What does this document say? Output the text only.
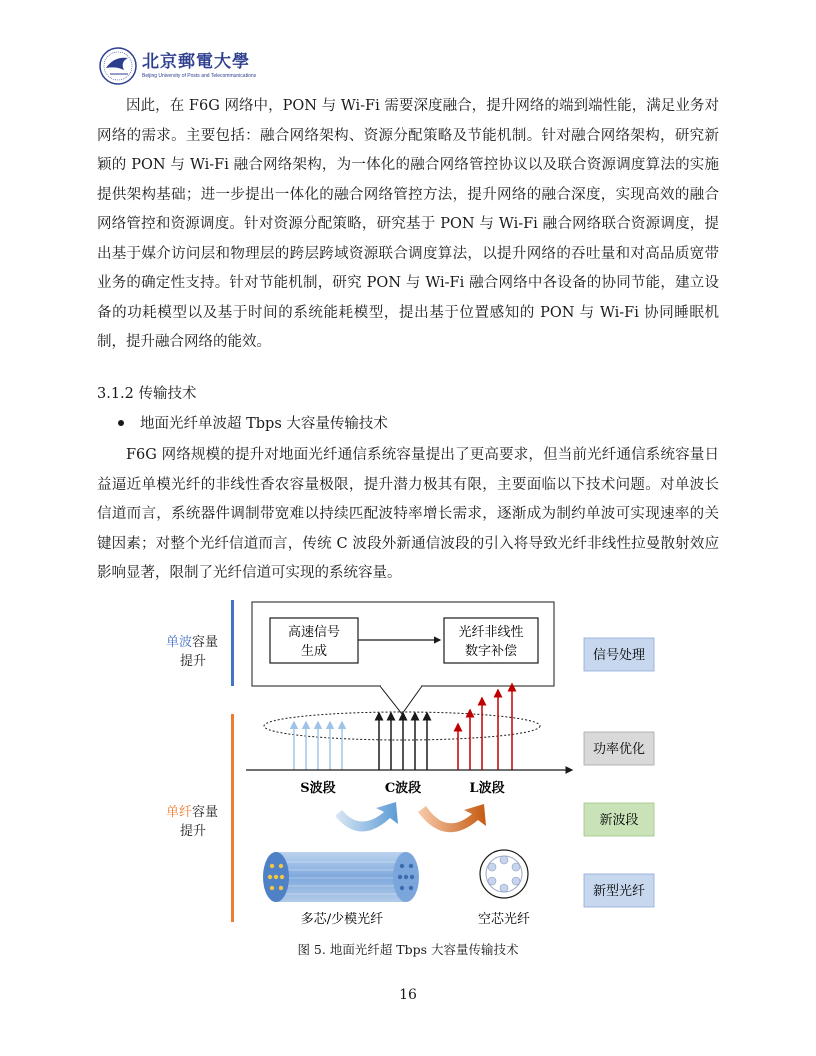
北京郵電大學
Beijing University of Posts and Telecommunications
因此，在 F6G 网络中，PON 与 Wi-Fi 需要深度融合，提升网络的端到端性能，满足业务对网络的需求。主要包括：融合网络架构、资源分配策略及节能机制。针对融合网络架构，研究新颖的 PON 与 Wi-Fi 融合网络架构，为一体化的融合网络管控协议以及联合资源调度算法的实施提供架构基础；进一步提出一体化的融合网络管控方法，提升网络的融合深度，实现高效的融合网络管控和资源调度。针对资源分配策略，研究基于 PON 与 Wi-Fi 融合网络联合资源调度，提出基于媒介访问层和物理层的跨层跨域资源联合调度算法，以提升网络的吞吐量和对高品质宽带业务的确定性支持。针对节能机制，研究 PON 与 Wi-Fi 融合网络中各设备的协同节能，建立设备的功耗模型以及基于时间的系统能耗模型，提出基于位置感知的 PON 与 Wi-Fi 协同睡眠机制，提升融合网络的能效。
3.1.2 传输技术
地面光纤单波超 Tbps 大容量传输技术
F6G 网络规模的提升对地面光纤通信系统容量提出了更高要求，但当前光纤通信系统容量日益逼近单模光纤的非线性香农容量极限，提升潜力极其有限，主要面临以下技术问题。对单波长信道而言，系统器件调制带宽难以持续匹配波特率增长需求，逐渐成为制约单波可实现速率的关键因素；对整个光纤信道而言，传统 C 波段外新通信波段的引入将导致光纤非线性拉曼散射效应影响显著，限制了光纤信道可实现的系统容量。
单波容量
提升
单纤容量
提升
高速信号
生成
光纤非线性
数字补偿
S波段	C波段	L波段
多芯/少模光纤	空芯光纤
信号处理
功率优化
新波段
新型光纤
图 5. 地面光纤超 Tbps 大容量传输技术
16
